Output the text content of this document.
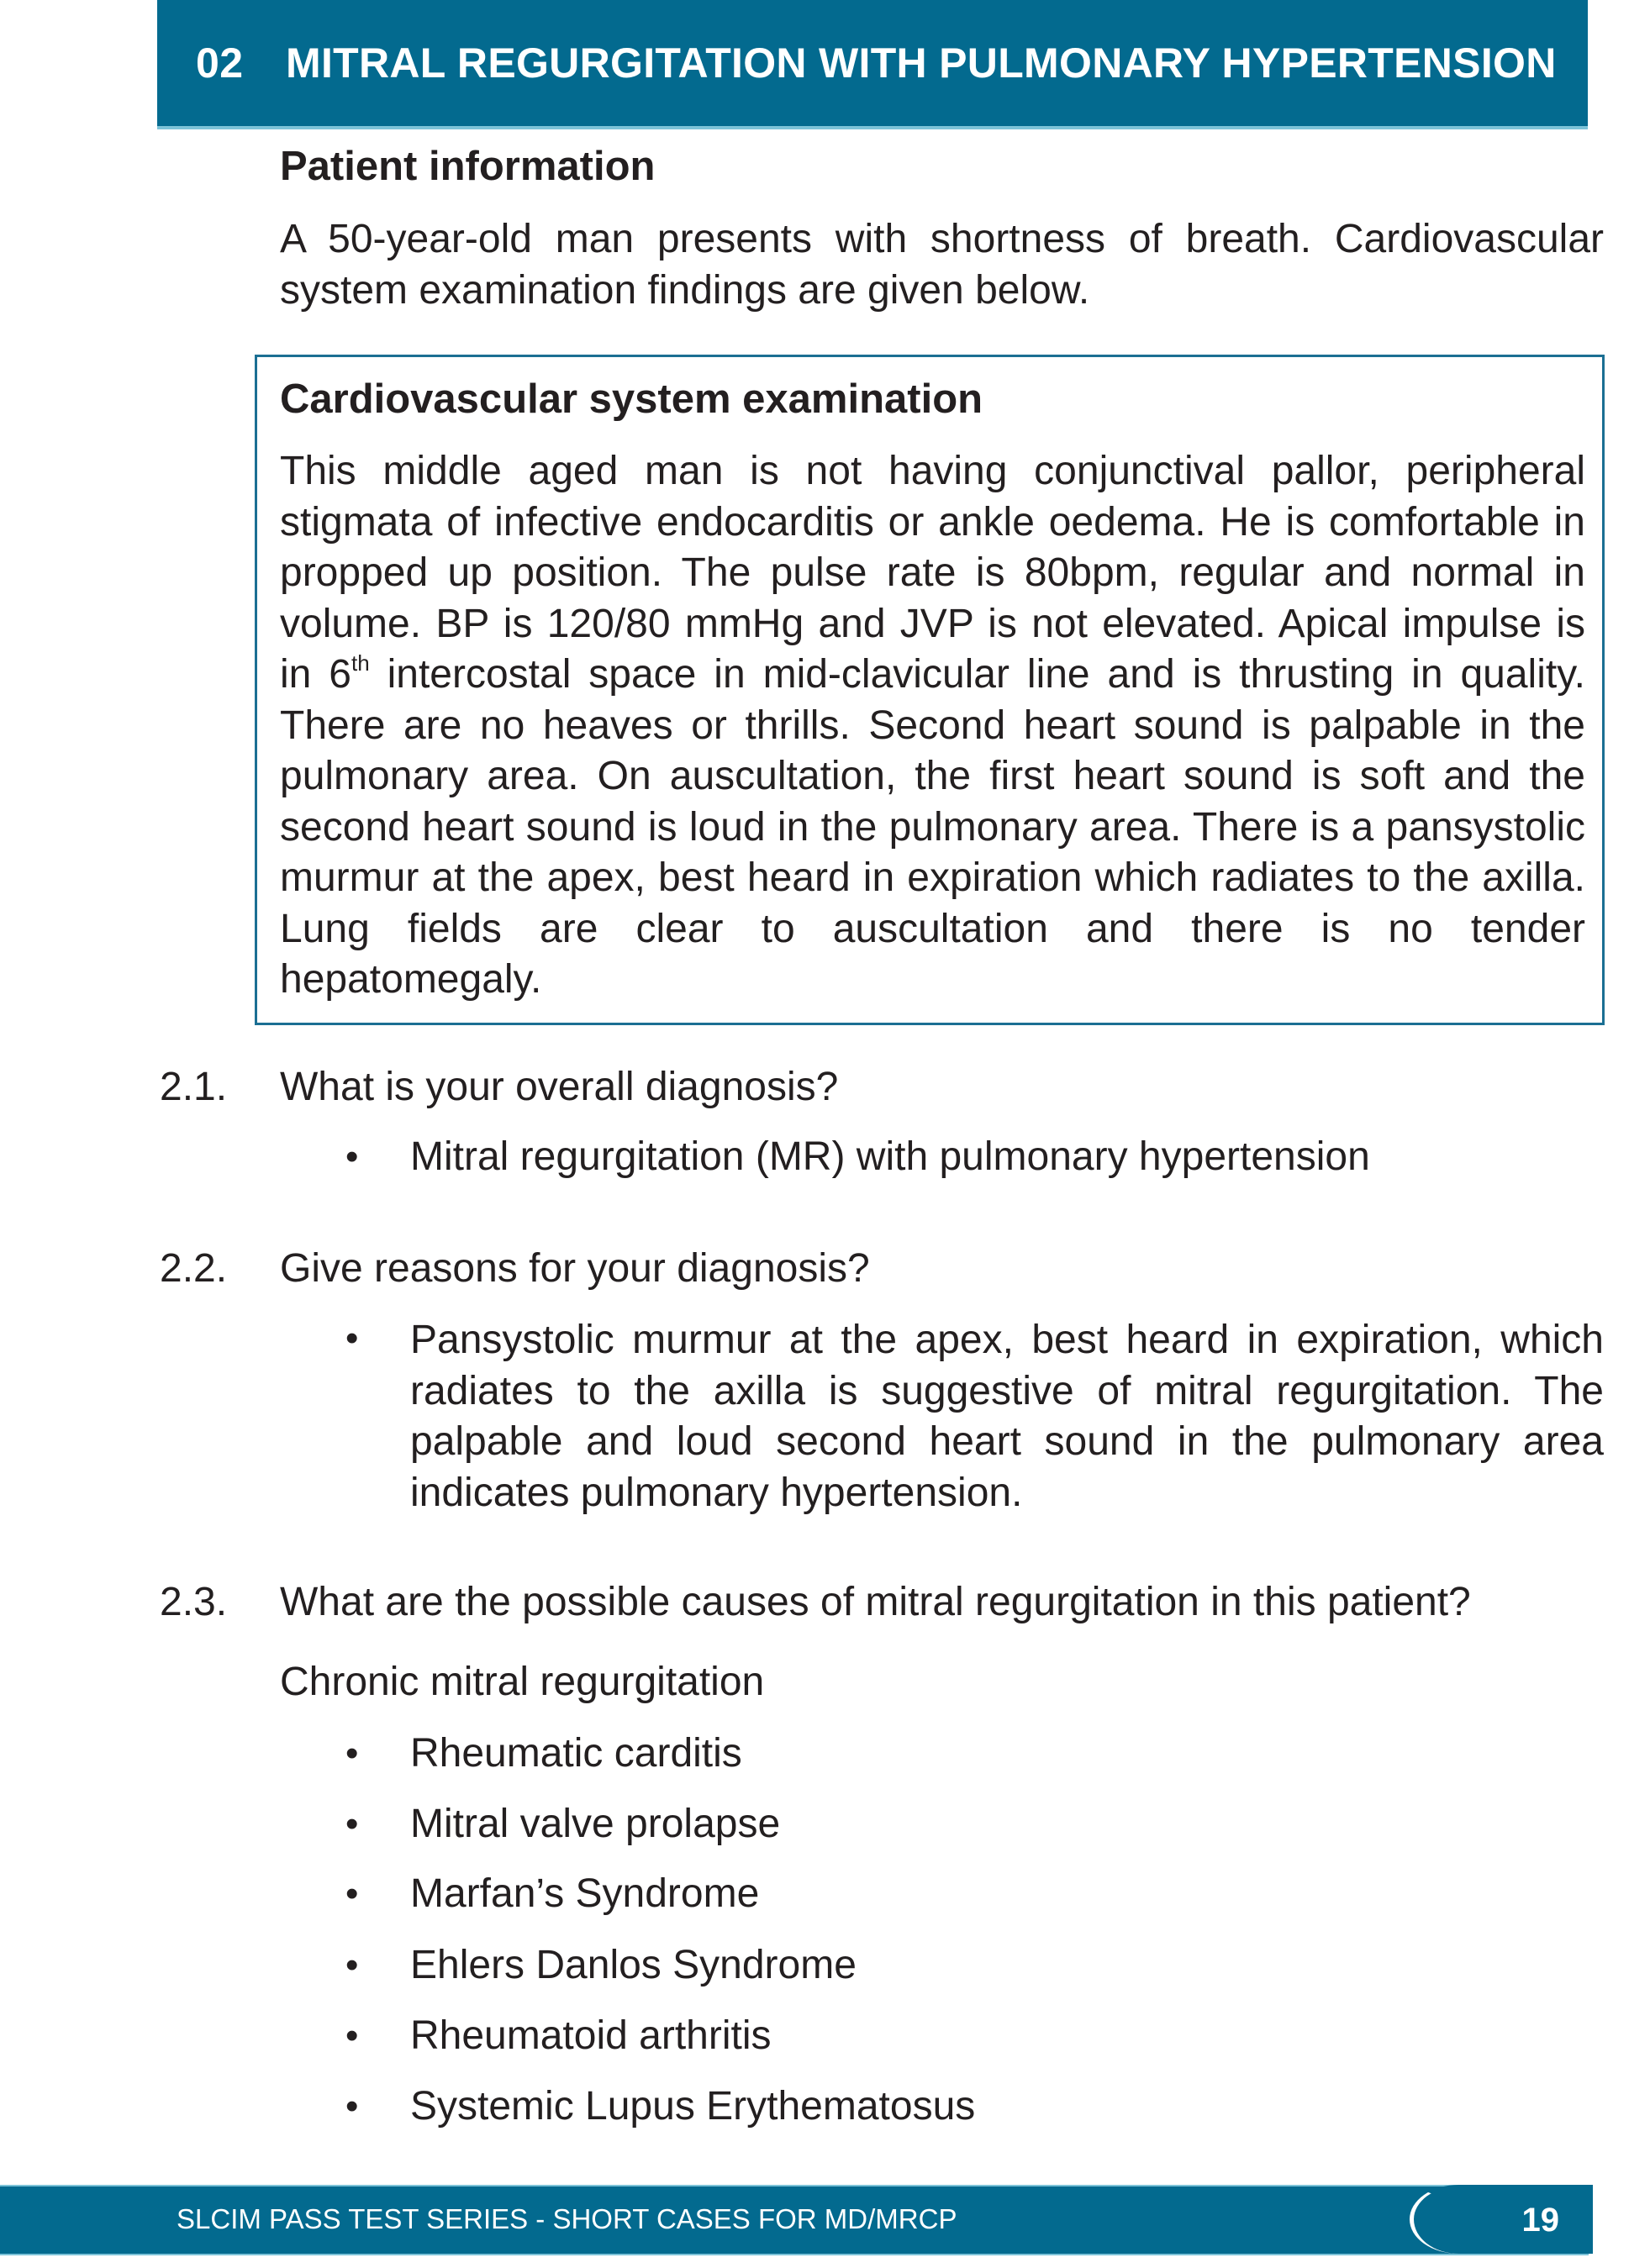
02 MITRAL REGURGITATION WITH PULMONARY HYPERTENSION
Patient information
A 50-year-old man presents with shortness of breath. Cardiovascular system examination findings are given below.
Cardiovascular system examination
This middle aged man is not having conjunctival pallor, peripheral stigmata of infective endocarditis or ankle oedema. He is comfortable in propped up position. The pulse rate is 80bpm, regular and normal in volume. BP is 120/80 mmHg and JVP is not elevated. Apical impulse is in 6th intercostal space in mid-clavicular line and is thrusting in quality. There are no heaves or thrills. Second heart sound is palpable in the pulmonary area. On auscultation, the first heart sound is soft and the second heart sound is loud in the pulmonary area. There is a pansystolic murmur at the apex, best heard in expiration which radiates to the axilla. Lung fields are clear to auscultation and there is no tender hepatomegaly.
2.1. What is your overall diagnosis?
• Mitral regurgitation (MR) with pulmonary hypertension
2.2. Give reasons for your diagnosis?
• Pansystolic murmur at the apex, best heard in expiration, which radiates to the axilla is suggestive of mitral regurgitation. The palpable and loud second heart sound in the pulmonary area indicates pulmonary hypertension.
2.3. What are the possible causes of mitral regurgitation in this patient?
Chronic mitral regurgitation
• Rheumatic carditis
• Mitral valve prolapse
• Marfan’s Syndrome
• Ehlers Danlos Syndrome
• Rheumatoid arthritis
• Systemic Lupus Erythematosus
SLCIM PASS TEST SERIES - SHORT CASES FOR MD/MRCP	19
